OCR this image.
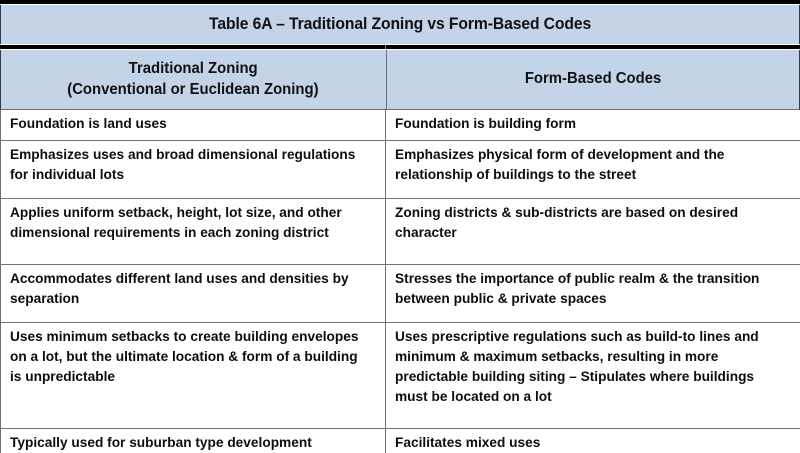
Table 6A – Traditional Zoning vs Form-Based Codes
Traditional Zoning
(Conventional or Euclidean Zoning)
Form-Based Codes
Foundation is land uses	Foundation is building form
Emphasizes uses and broad dimensional regulations for individual lots
Emphasizes physical form of development and the relationship of buildings to the street
Applies uniform setback, height, lot size, and other dimensional requirements in each zoning district
Zoning districts & sub-districts are based on desired character
Accommodates different land uses and densities by separation
Stresses the importance of public realm & the transition between public & private spaces
Uses minimum setbacks to create building envelopes on a lot, but the ultimate location & form of a building is unpredictable
Uses prescriptive regulations such as build-to lines and minimum & maximum setbacks, resulting in more predictable building siting – Stipulates where buildings must be located on a lot
Typically used for suburban type development	Facilitates mixed uses
